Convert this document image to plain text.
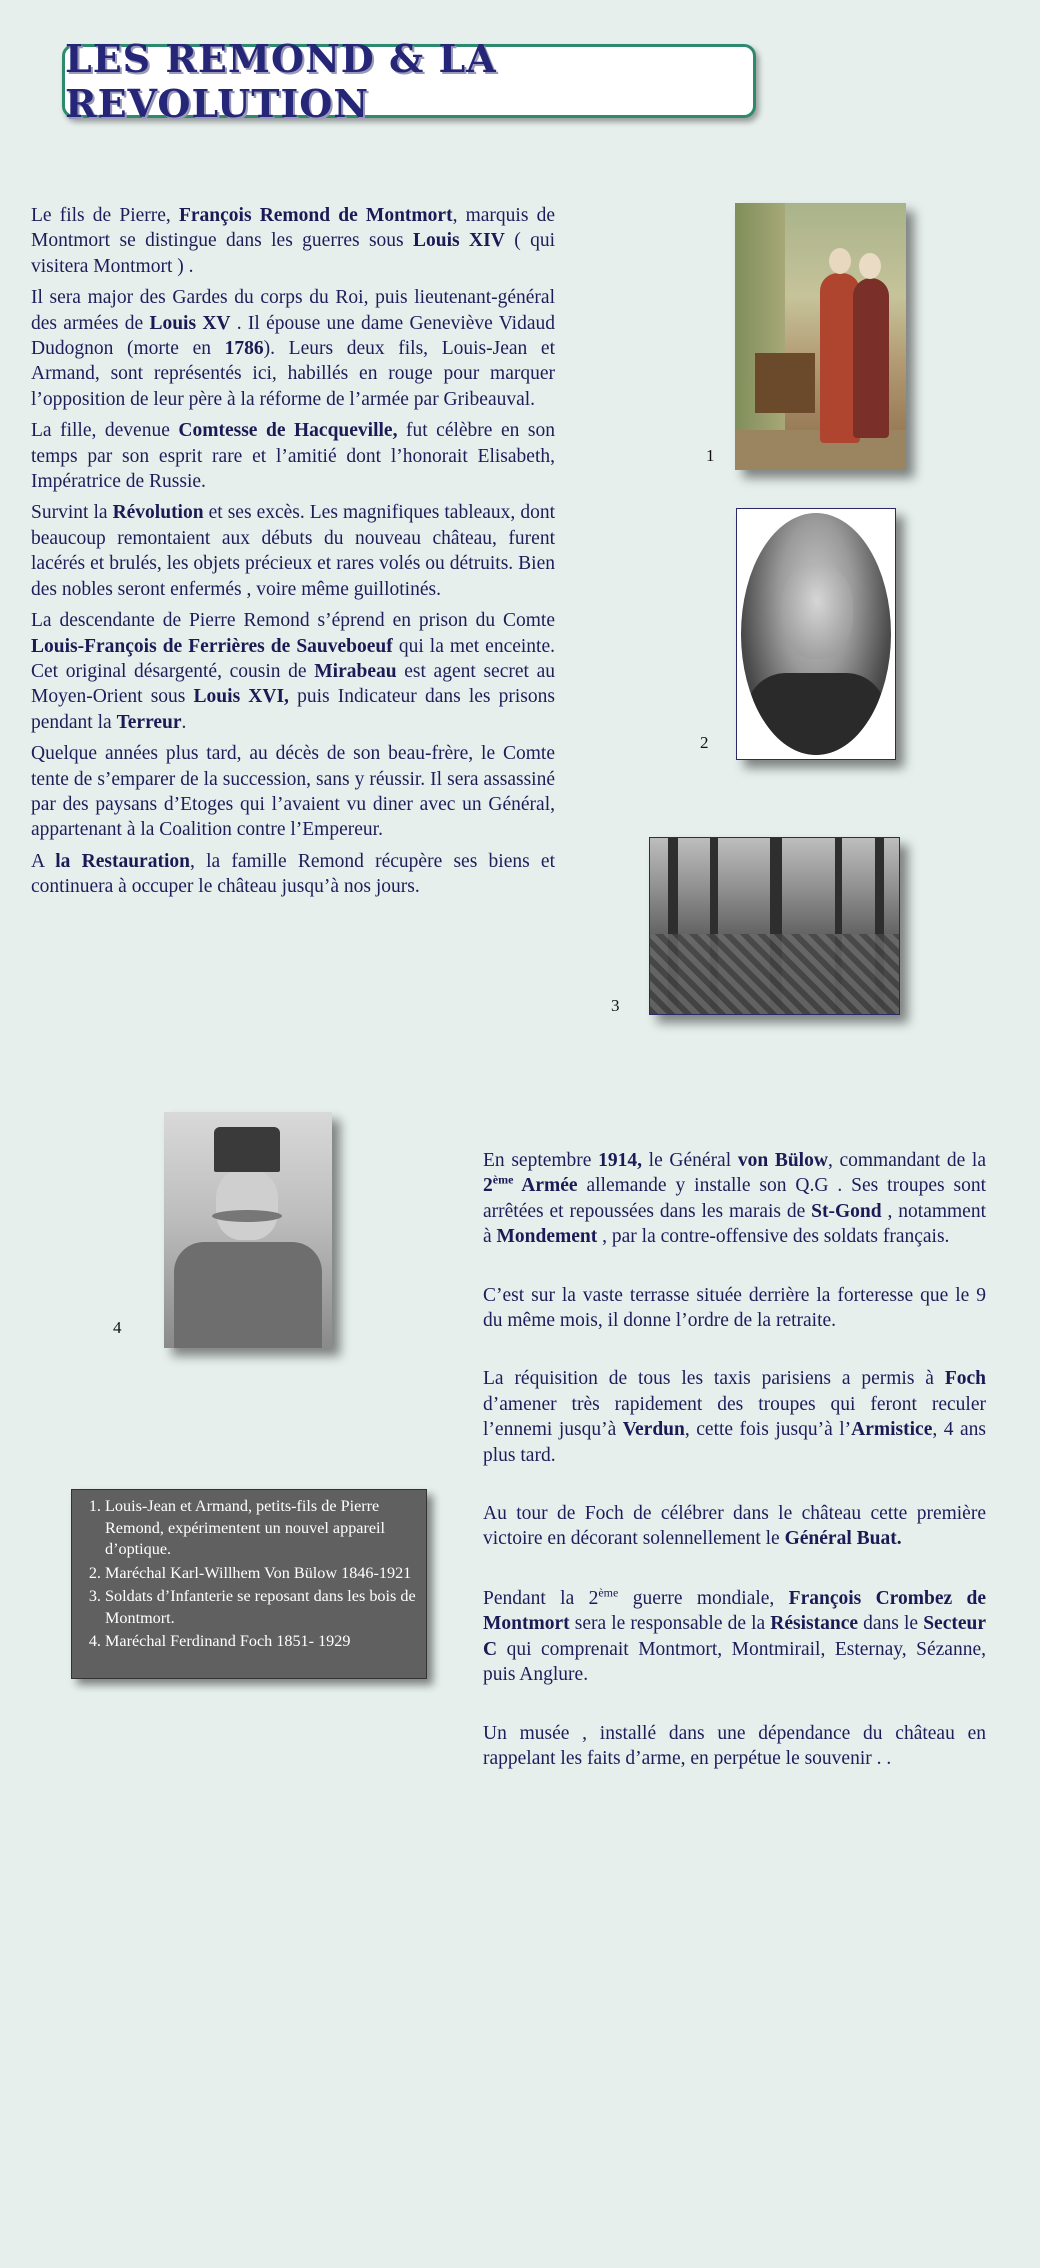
LES REMOND & LA REVOLUTION

Le fils de Pierre, François Remond de Montmort, marquis de Montmort se distingue dans les guerres sous Louis XIV ( qui visitera Montmort ) .

Il sera major des Gardes du corps du Roi, puis lieutenant-général des armées de Louis XV . Il épouse une dame Geneviève Vidaud Dudognon (morte en 1786). Leurs deux fils, Louis-Jean et Armand, sont représentés ici, habillés en rouge pour marquer l’opposition de leur père à la réforme de l’armée par Gribeauval.

La fille, devenue Comtesse de Hacqueville, fut célèbre en son temps par son esprit rare et l’amitié dont l’honorait Elisabeth, Impératrice de Russie.

Survint la Révolution et ses excès. Les magnifiques tableaux, dont beaucoup remontaient aux débuts du nouveau château, furent lacérés et brulés, les objets précieux et rares volés ou détruits. Bien des nobles seront enfermés , voire même guillotinés.

La descendante de Pierre Remond s’éprend en prison du Comte Louis-François de Ferrières de Sauveboeuf qui la met enceinte. Cet original désargenté, cousin de Mirabeau est agent secret au Moyen-Orient sous Louis XVI, puis Indicateur dans les prisons pendant la Terreur.

Quelque années plus tard, au décès de son beau-frère, le Comte tente de s’emparer de la succession, sans y réussir. Il sera assassiné par des paysans d’Etoges qui l’avaient vu diner avec un Général, appartenant à la Coalition contre l’Empereur.

A la Restauration, la famille Remond récupère ses biens et continuera à occuper le château jusqu’à nos jours.

1
2
3
4
1. Louis-Jean et Armand, petits-fils de Pierre Remond, expérimentent un nouvel appareil d’optique.
2. Maréchal Karl-Willhem Von Bülow 1846-1921
3. Soldats d’Infanterie se reposant dans les bois de Montmort.
4. Maréchal Ferdinand Foch 1851- 1929

En septembre 1914, le Général von Bülow, commandant de la 2ème Armée allemande y installe son Q.G . Ses troupes sont arrêtées et repoussées dans les marais de St-Gond , notamment à Mondement , par la contre-offensive des soldats français.

C’est sur la vaste terrasse située derrière la forteresse que le 9 du même mois, il donne l’ordre de la retraite.

La réquisition de tous les taxis parisiens a permis à Foch d’amener très rapidement des troupes qui feront reculer l’ennemi jusqu’à Verdun, cette fois jusqu’à l’Armistice, 4 ans plus tard.

Au tour de Foch de célébrer dans le château cette première victoire en décorant solennellement le Général Buat.

Pendant la 2ème guerre mondiale, François Crombez de Montmort sera le responsable de la Résistance dans le Secteur C qui comprenait Montmort, Montmirail, Esternay, Sézanne, puis Anglure.

Un musée , installé dans une dépendance du château en rappelant les faits d’arme, en perpétue le souvenir . .
